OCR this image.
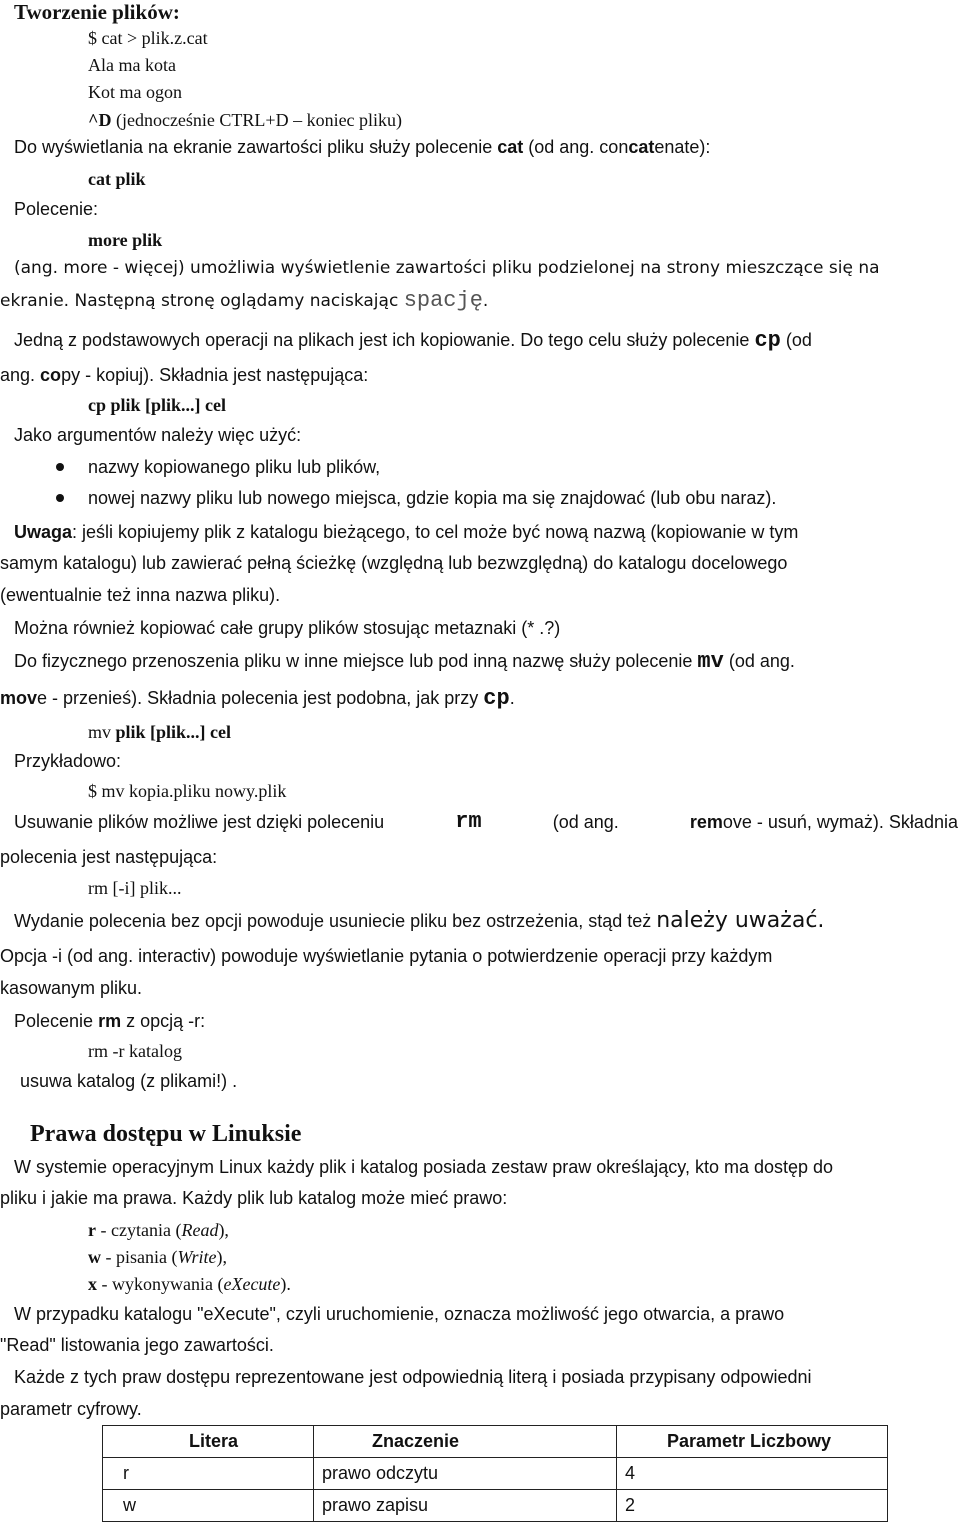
Tworzenie plików:
$ cat > plik.z.cat
Ala ma kota
Kot ma ogon
^D (jednocześnie CTRL+D – koniec pliku)
Do wyświetlania na ekranie zawartości pliku służy polecenie cat (od ang. concatenate):
cat plik
Polecenie:
more plik
(ang. more - więcej) umożliwia wyświetlenie zawartości pliku podzielonej na strony mieszczące się na
ekranie. Następną stronę oglądamy naciskając spację.
Jedną z podstawowych operacji na plikach jest ich kopiowanie. Do tego celu służy polecenie cp (od
ang. copy - kopiuj). Składnia jest następująca:
cp plik [plik...] cel
Jako argumentów należy więc użyć:
nazwy kopiowanego pliku lub plików,
nowej nazwy pliku lub nowego miejsca, gdzie kopia ma się znajdować (lub obu naraz).
Uwaga: jeśli kopiujemy plik z katalogu bieżącego, to cel może być nową nazwą (kopiowanie w tym
samym katalogu) lub zawierać pełną ścieżkę (względną lub bezwzględną) do katalogu docelowego
(ewentualnie też inna nazwa pliku).
Można również kopiować całe grupy plików stosując metaznaki (* .?)
Do fizycznego przenoszenia pliku w inne miejsce lub pod inną nazwę służy polecenie mv (od ang.
move - przenieś). Składnia polecenia jest podobna, jak przy cp.
mv plik [plik...] cel
Przykładowo:
$ mv kopia.pliku nowy.plik
Usuwanie plików możliwe jest dzięki poleceniu	rm	(od ang.	remove - usuń, wymaż). Składnia
polecenia jest następująca:
rm [-i] plik...
Wydanie polecenia bez opcji powoduje usuniecie pliku bez ostrzeżenia, stąd też należy uważać.
Opcja -i (od ang. interactiv) powoduje wyświetlanie pytania o potwierdzenie operacji przy każdym
kasowanym pliku.
Polecenie rm z opcją -r:
rm -r katalog
usuwa katalog (z plikami!) .
Prawa dostępu w Linuksie
W systemie operacyjnym Linux każdy plik i katalog posiada zestaw praw określający, kto ma dostęp do
pliku i jakie ma prawa. Każdy plik lub katalog może mieć prawo:
r - czytania (Read),
w - pisania (Write),
x - wykonywania (eXecute).
W przypadku katalogu "eXecute", czyli uruchomienie, oznacza możliwość jego otwarcia, a prawo
"Read" listowania jego zawartości.
Każde z tych praw dostępu reprezentowane jest odpowiednią literą i posiada przypisany odpowiedni
parametr cyfrowy.
Litera	Znaczenie	Parametr Liczbowy
r	prawo odczytu	4
w	prawo zapisu	2
